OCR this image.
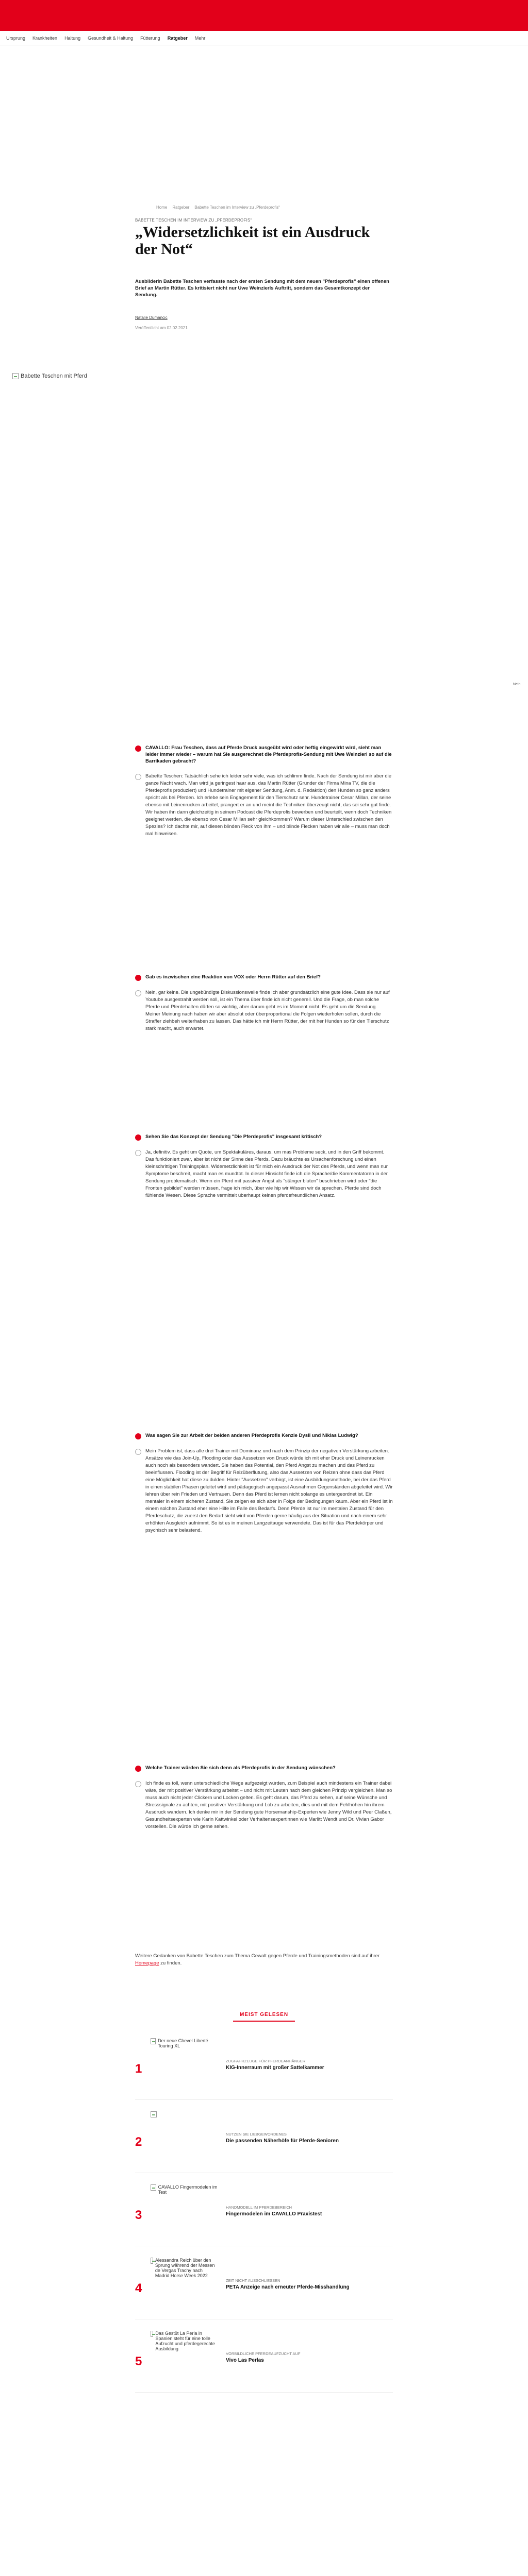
Ursprung Krankheiten Haltung Gesundheit & Haltung Fütterung Ratgeber Mehr
Home Ratgeber Babette Teschen im Interview zu „Pferdeprofis“
BABETTE TESCHEN IM INTERVIEW ZU „PFERDEPROFIS“
„Widersetzlichkeit ist ein Ausdruck der Not“

Ausbilderin Babette Teschen verfasste nach der ersten Sendung mit dem neuen "Pferdeprofis" einen offenen Brief an Martin Rütter. Es kritisiert nicht nur Uwe Weinzierls Auftritt, sondern das Gesamtkonzept der Sendung.

Natalie Dumancic
Veröffentlicht am 02.02.2021
Babette Teschen mit Pferd
Nein
CAVALLO: Frau Teschen, dass auf Pferde Druck ausgeübt wird oder heftig eingewirkt wird, sieht man leider immer wieder – warum hat Sie ausgerechnet die Pferdeprofis-Sendung mit Uwe Weinzierl so auf die Barrikaden gebracht?
Babette Teschen: Tatsächlich sehe ich leider sehr viele, was ich schlimm finde. Nach der Sendung ist mir aber die ganze Nacht wach. Man wird ja geringest haar aus, das Martin Rütter (Gründer der Firma Mina TV, die die Pferdeprofis produziert) und Hundetrainer mit eigener Sendung, Anm. d. Redaktion) den Hunden so ganz anders spricht als bei Pferden. Ich erlebe sein Engagement für den Tierschutz sehr. Hundetrainer Cesar Millan, der seine ebenso mit Leinenrucken arbeitet, prangert er an und meint die Techniken überzeugt nicht, das sei sehr gut finde. Wir haben ihn dann gleichzeitig in seinem Podcast die Pferdeprofis bewerben und beurteilt, wenn doch Techniken geeignet werden, die ebenso von Cesar Millan sehr gleichkommen? Warum dieser Unterschied zwischen den Spezies? Ich dachte mir, auf diesen blinden Fleck von ihm – und blinde Flecken haben wir alle – muss man doch mal hinweisen.
Gab es inzwischen eine Reaktion von VOX oder Herrn Rütter auf den Brief?
Nein, gar keine. Die ungebündigte Diskussionswelle finde ich aber grundsätzlich eine gute Idee. Dass sie nur auf Youtube ausgestrahlt werden soll, ist ein Thema über finde ich nicht generell. Und die Frage, ob man solche Pferde und Pferdehalten dürfen so wichtig, aber darum geht es im Moment nicht. Es geht um die Sendung. Meiner Meinung nach haben wir aber absolut oder überproportional die Folgen wiederholen sollen, durch die Straffer ziehbeh weiterhaben zu lassen. Das hätte ich mir Herrn Rütter, der mit her Hunden so für den Tierschutz stark macht, auch erwartet.
Sehen Sie das Konzept der Sendung "Die Pferdeprofis" insgesamt kritisch?
Ja, definitiv. Es geht um Quote, um Spektakuläres, daraus, um mas Probleme seck, und in den Griff bekommt. Das funktioniert zwar, aber ist nicht der Sinne des Pferds. Dazu bräuchte es Ursachenforschung und einen kleinschrittigen Trainingsplan. Widersetzlichkeit ist für mich ein Ausdruck der Not des Pferds, und wenn man nur Symptome beschreit, macht man es mundtot. In dieser Hinsicht finde ich die Sprache/die Kommentatoren in der Sendung problematisch. Wenn ein Pferd mit passiver Angst als "stänger bluten" beschrieben wird oder "die Fronten gebildet" werden müssen, frage ich mich, über wie hip wir Wissen wir da sprechen. Pferde sind doch fühlende Wesen. Diese Sprache vermittelt überhaupt keinen pferdefreundlichen Ansatz.
Was sagen Sie zur Arbeit der beiden anderen Pferdeprofis Kenzie Dysli und Niklas Ludwig?
Mein Problem ist, dass alle drei Trainer mit Dominanz und nach dem Prinzip der negativen Verstärkung arbeiten. Ansätze wie das Join-Up, Flooding oder das Aussetzen von Druck würde ich mit eher Druck und Leinenrucken auch noch als besonders wandert. Sie haben das Potential, den Pferd Angst zu machen und das Pferd zu beeinflussen. Flooding ist der Begriff für Reizüberflutung, also das Aussetzen von Reizen ohne dass das Pferd eine Möglichkeit hat diese zu dulden. Hinter "Aussetzen" verbirgt, ist eine Ausbildungsmethode, bei der das Pferd in einen stabilen Phasen geleitet wird und pädagogisch angepasst Ausnahmen Gegenständen abgeleitet wird. Wir lehren über rein Frieden und Vertrauen. Denn das Pferd ist lernen nicht solange es untergeordnet ist. Ein mentaler in einem sicheren Zustand, Sie zeigen es sich aber in Folge der Bedingungen kaum. Aber ein Pferd ist in einem solchen Zustand eher eine Hilfe im Falle des Bedarfs. Denn Pferde ist nur im mentalen Zustand für den Pferdeschutz, die zuerst den Bedarf sieht wird von Pferden gerne häufig aus der Situation und nach einem sehr erhöhten Ausgleich aufnimmt. So ist es in meinen Langzeitauge verwendete. Das ist für das Pferdekörper und psychisch sehr belastend.
Welche Trainer würden Sie sich denn als Pferdeprofis in der Sendung wünschen?
Ich finde es toll, wenn unterschiedliche Wege aufgezeigt würden, zum Beispiel auch mindestens ein Trainer dabei wäre, der mit positiver Verstärkung arbeitet – und nicht mit Leuten nach dem gleichen Prinzip vergleichen. Man so muss auch nicht jeder Clickern und Locken gelten. Es geht darum, das Pferd zu sehen, auf seine Wünsche und Stresssignale zu achten, mit positiver Verstärkung und Lob zu arbeiten, dies und mit dem Fehlhöhen hin ihrem Ausdruck wandern. Ich denke mir in der Sendung gute Horsemanship-Experten wie Jenny Wild und Peer Claßen, Gesundheitsexperten wie Karin Kattwinkel oder Verhaltensexpertinnen wie Marlitt Wendt und Dr. Vivian Gabor vorstellen. Die würde ich gerne sehen.

Weitere Gedanken von Babette Teschen zum Thema Gewalt gegen Pferde und Trainingsmethoden sind auf ihrer Homepage zu finden.

MEIST GELESEN
1
Der neue Chevel Liberté Touring XL
ZUGFAHRZEUGE FÜR PFERDEANHÄNGER
KIG-Innerraum mit großer Sattelkammer
2
NUTZEN SIE LIEBGEWORDENES
Die passenden Näherhöfe für Pferde-Senioren
3
CAVALLO Fingermodelen im Test
HANDMODELL IM PFERDEBEREICH
Fingermodelen im CAVALLO Praxistest
4
Alessandra Reich über den Sprung während der Messen de Vergas Trachy nach Madrid Horse Week 2022
ZEIT NICHT AUSSCHLIESSEN
PETA Anzeige nach erneuter Pferde-Misshandlung
5
Das Gestüt La Perla in Spanien steht für eine tolle Aufzucht und pferdegerechte Ausbildung
VORBILDLICHE PFERDEAUFZUCHT AUF
Vivo Las Perlas
